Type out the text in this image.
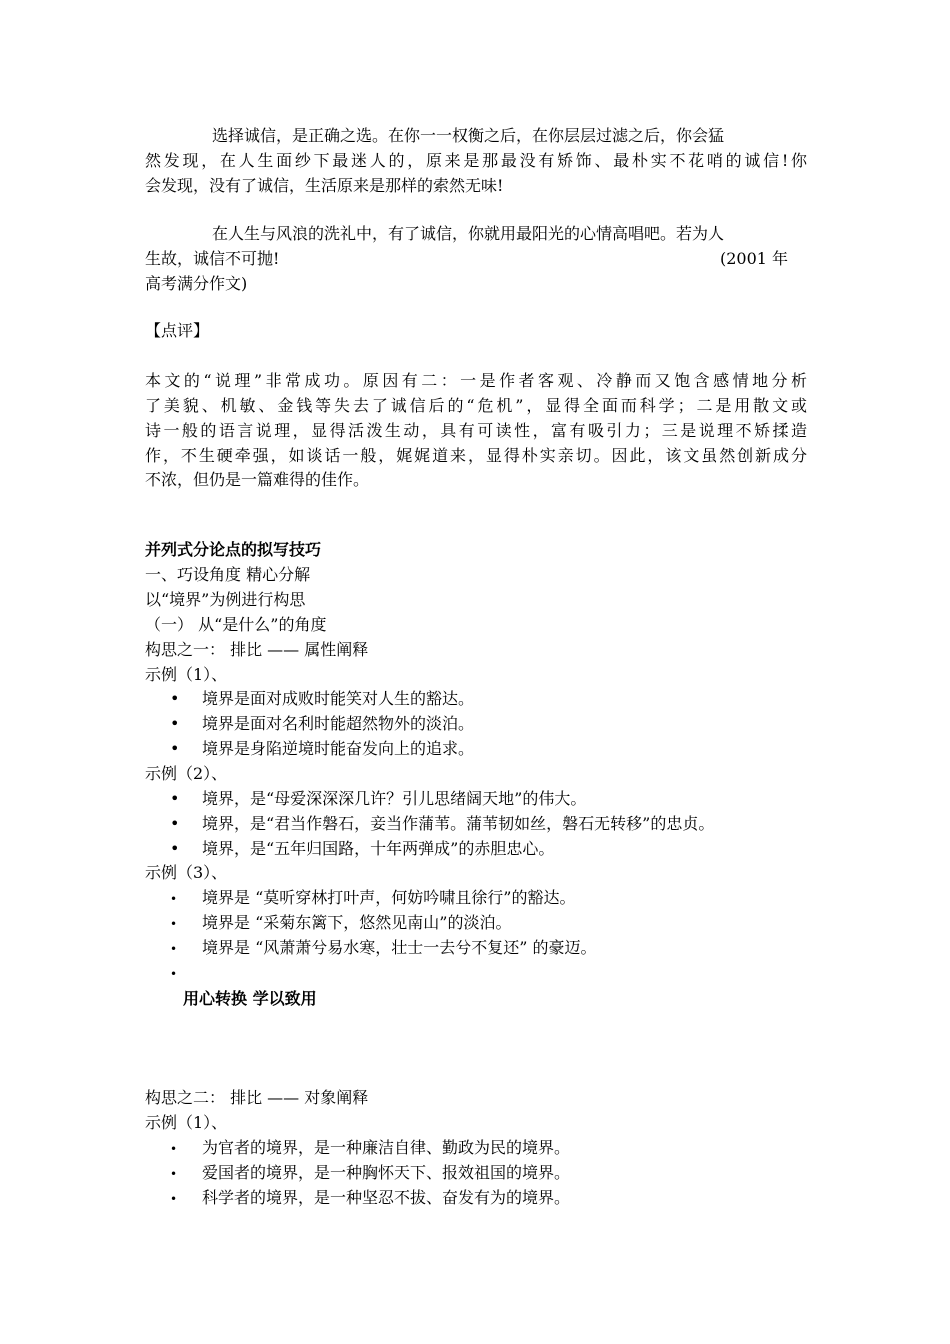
选择诚信，是正确之选。在你一一权衡之后，在你层层过滤之后，你会猛
然发现，在人生面纱下最迷人的，原来是那最没有矫饰、最朴实不花哨的诚信!你
会发现，没有了诚信，生活原来是那样的索然无味!
在人生与风浪的洗礼中，有了诚信，你就用最阳光的心情高唱吧。若为人
生故，诚信不可抛!	(2001 年
高考满分作文)
【点评】
本文的“说理”非常成功。原因有二：一是作者客观、冷静而又饱含感情地分析
了美貌、机敏、金钱等失去了诚信后的“危机”，显得全面而科学；二是用散文或
诗一般的语言说理，显得活泼生动，具有可读性，富有吸引力；三是说理不矫揉造
作，不生硬牵强，如谈话一般，娓娓道来，显得朴实亲切。因此，该文虽然创新成分
不浓，但仍是一篇难得的佳作。
并列式分论点的拟写技巧
一、巧设角度 精心分解
以“境界”为例进行构思
（一） 从“是什么”的角度
构思之一： 排比 —— 属性阐释
示例（1）、
• 境界是面对成败时能笑对人生的豁达。
• 境界是面对名利时能超然物外的淡泊。
• 境界是身陷逆境时能奋发向上的追求。
示例（2）、
• 境界，是“母爱深深深几许？引儿思绪阔天地”的伟大。
• 境界，是“君当作磐石，妾当作蒲苇。蒲苇韧如丝，磐石无转移”的忠贞。
• 境界，是“五年归国路，十年两弹成”的赤胆忠心。
示例（3）、
• 境界是 “莫听穿林打叶声，何妨吟啸且徐行”的豁达。
• 境界是 “采菊东篱下，悠然见南山”的淡泊。
• 境界是 “风萧萧兮易水寒，壮士一去兮不复还” 的豪迈。
•
用心转换 学以致用
构思之二： 排比 —— 对象阐释
示例（1）、
• 为官者的境界，是一种廉洁自律、勤政为民的境界。
• 爱国者的境界，是一种胸怀天下、报效祖国的境界。
• 科学者的境界，是一种坚忍不拔、奋发有为的境界。
